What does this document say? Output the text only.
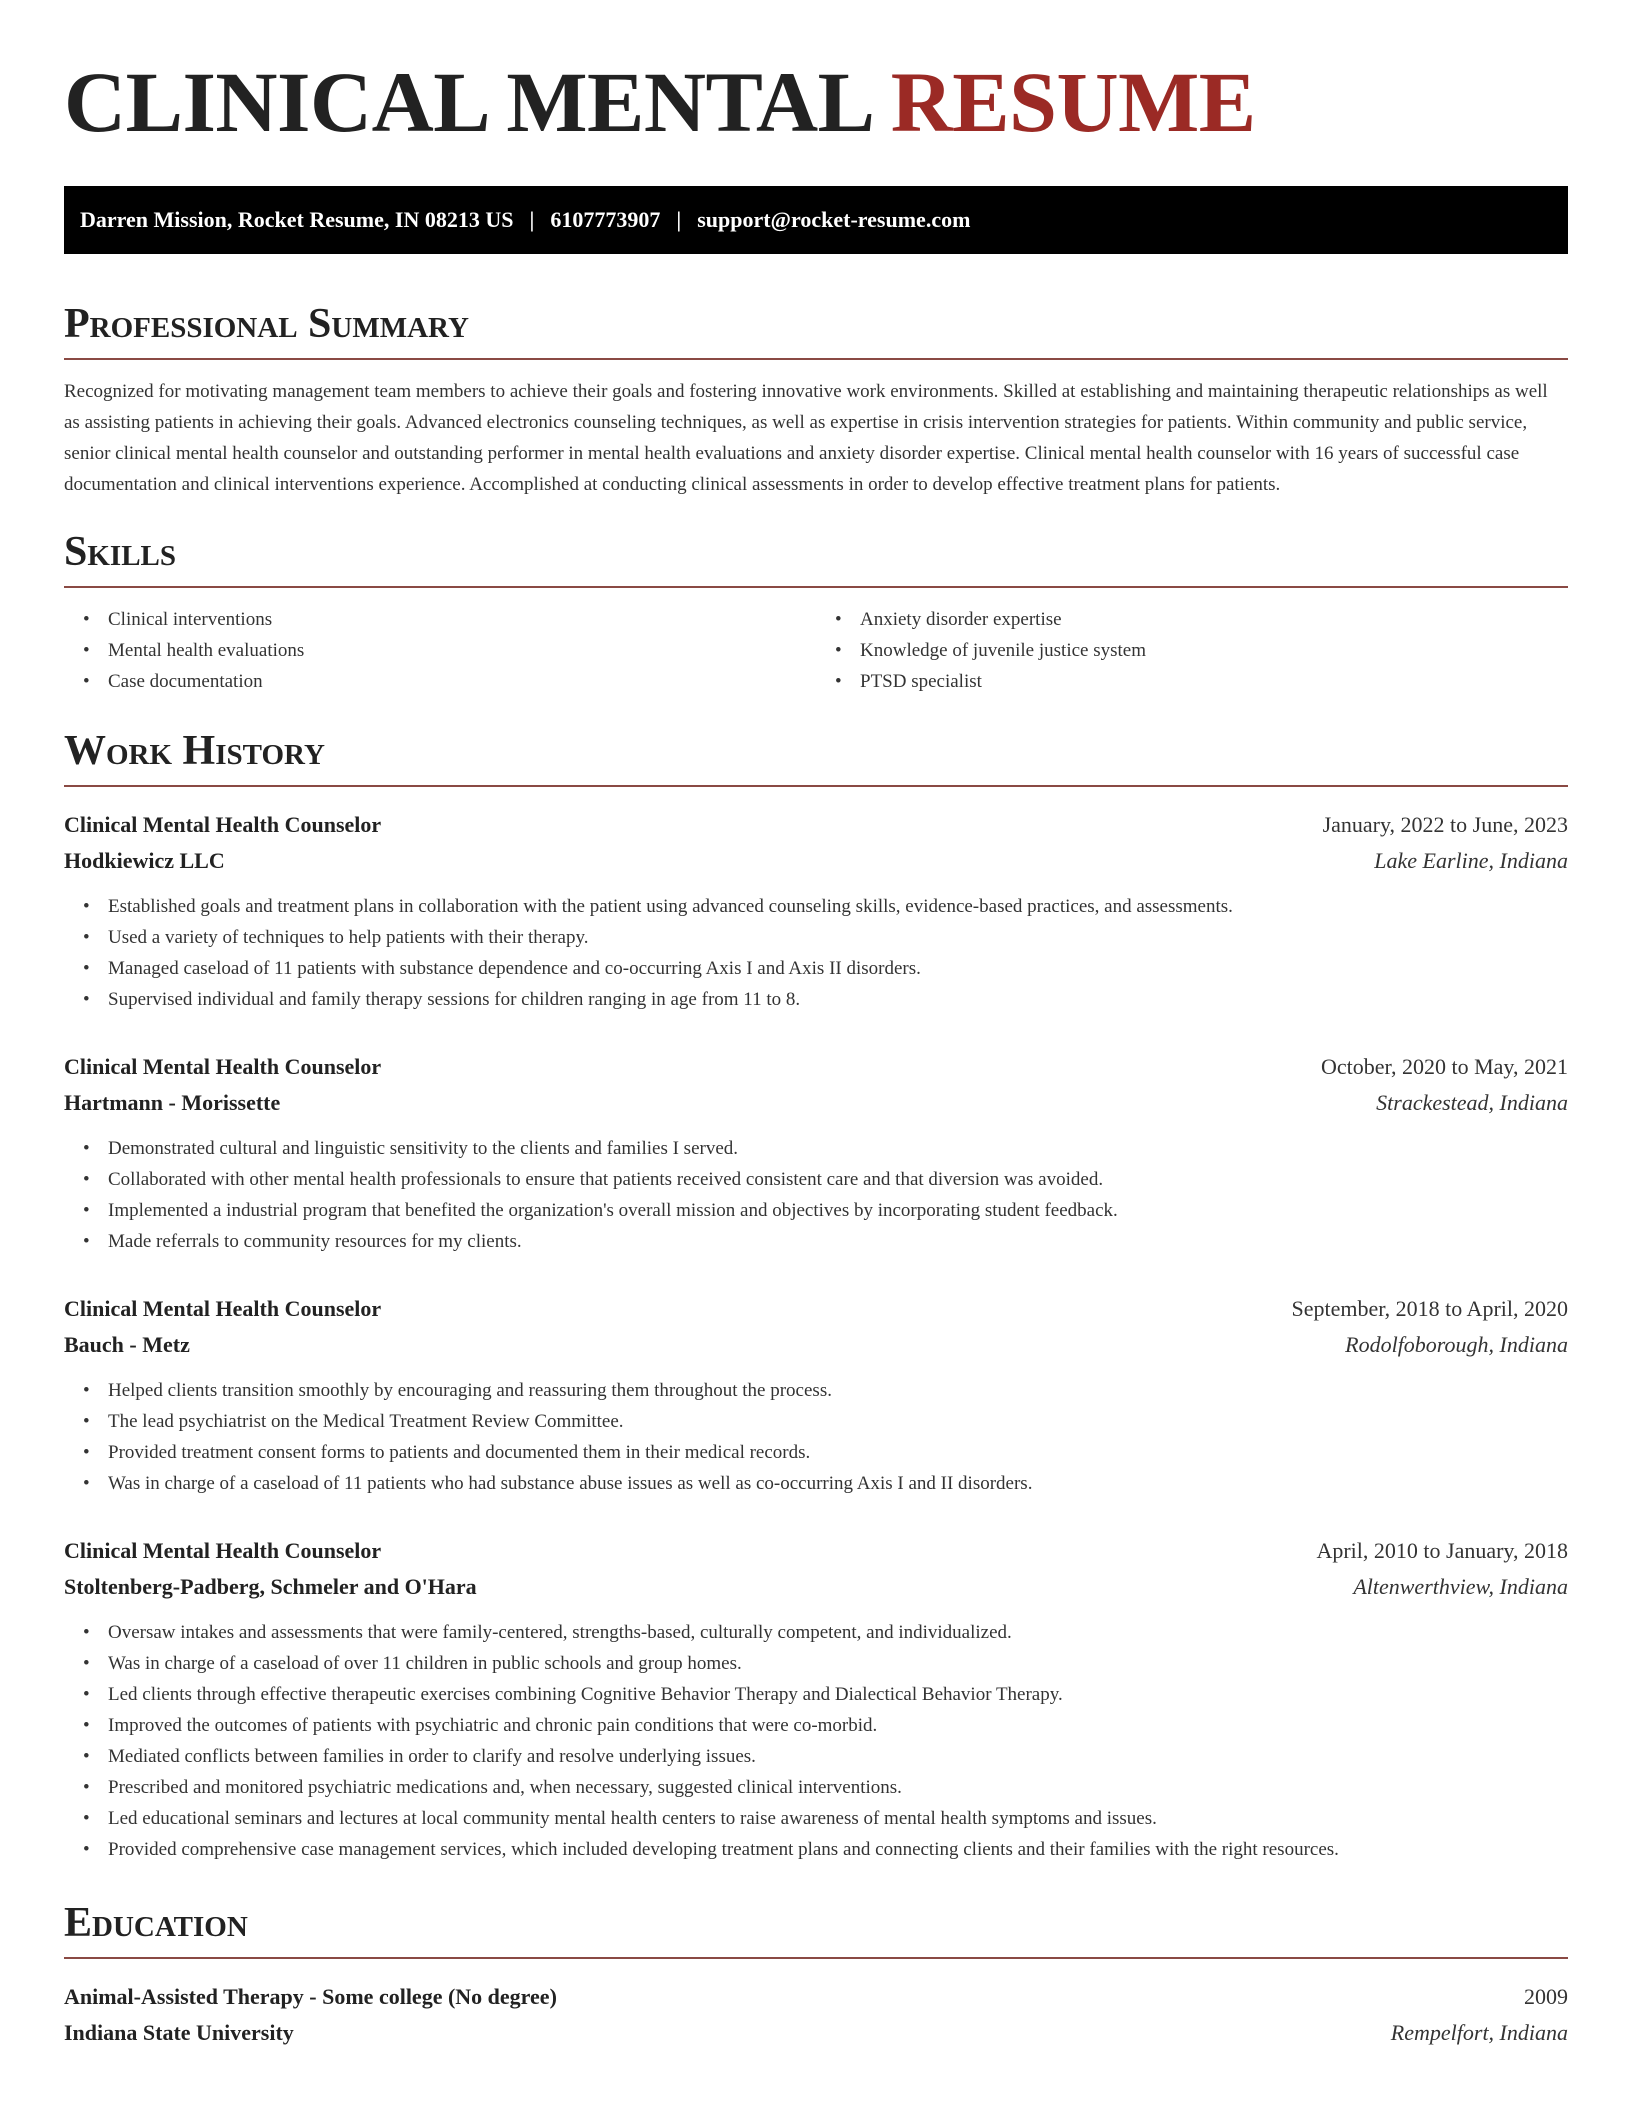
CLINICAL MENTAL RESUME
Darren Mission, Rocket Resume, IN 08213 US | 6107773907 | support@rocket-resume.com
Professional Summary

Recognized for motivating management team members to achieve their goals and fostering innovative work environments. Skilled at establishing and maintaining therapeutic relationships as well as assisting patients in achieving their goals. Advanced electronics counseling techniques, as well as expertise in crisis intervention strategies for patients. Within community and public service, senior clinical mental health counselor and outstanding performer in mental health evaluations and anxiety disorder expertise. Clinical mental health counselor with 16 years of successful case documentation and clinical interventions experience. Accomplished at conducting clinical assessments in order to develop effective treatment plans for patients.

Skills
• Clinical interventions
• Mental health evaluations
• Case documentation
• Anxiety disorder expertise
• Knowledge of juvenile justice system
• PTSD specialist
Work History
Clinical Mental Health Counselor	January, 2022 to June, 2023
Hodkiewicz LLC	Lake Earline, Indiana
• Established goals and treatment plans in collaboration with the patient using advanced counseling skills, evidence-based practices, and assessments.
• Used a variety of techniques to help patients with their therapy.
• Managed caseload of 11 patients with substance dependence and co-occurring Axis I and Axis II disorders.
• Supervised individual and family therapy sessions for children ranging in age from 11 to 8.
Clinical Mental Health Counselor	October, 2020 to May, 2021
Hartmann - Morissette	Strackestead, Indiana
• Demonstrated cultural and linguistic sensitivity to the clients and families I served.
• Collaborated with other mental health professionals to ensure that patients received consistent care and that diversion was avoided.
• Implemented a industrial program that benefited the organization's overall mission and objectives by incorporating student feedback.
• Made referrals to community resources for my clients.
Clinical Mental Health Counselor	September, 2018 to April, 2020
Bauch - Metz	Rodolfoborough, Indiana
• Helped clients transition smoothly by encouraging and reassuring them throughout the process.
• The lead psychiatrist on the Medical Treatment Review Committee.
• Provided treatment consent forms to patients and documented them in their medical records.
• Was in charge of a caseload of 11 patients who had substance abuse issues as well as co-occurring Axis I and II disorders.
Clinical Mental Health Counselor	April, 2010 to January, 2018
Stoltenberg-Padberg, Schmeler and O'Hara	Altenwerthview, Indiana
• Oversaw intakes and assessments that were family-centered, strengths-based, culturally competent, and individualized.
• Was in charge of a caseload of over 11 children in public schools and group homes.
• Led clients through effective therapeutic exercises combining Cognitive Behavior Therapy and Dialectical Behavior Therapy.
• Improved the outcomes of patients with psychiatric and chronic pain conditions that were co-morbid.
• Mediated conflicts between families in order to clarify and resolve underlying issues.
• Prescribed and monitored psychiatric medications and, when necessary, suggested clinical interventions.
• Led educational seminars and lectures at local community mental health centers to raise awareness of mental health symptoms and issues.
• Provided comprehensive case management services, which included developing treatment plans and connecting clients and their families with the right resources.
Education
Animal-Assisted Therapy - Some college (No degree)	2009
Indiana State University	Rempelfort, Indiana
